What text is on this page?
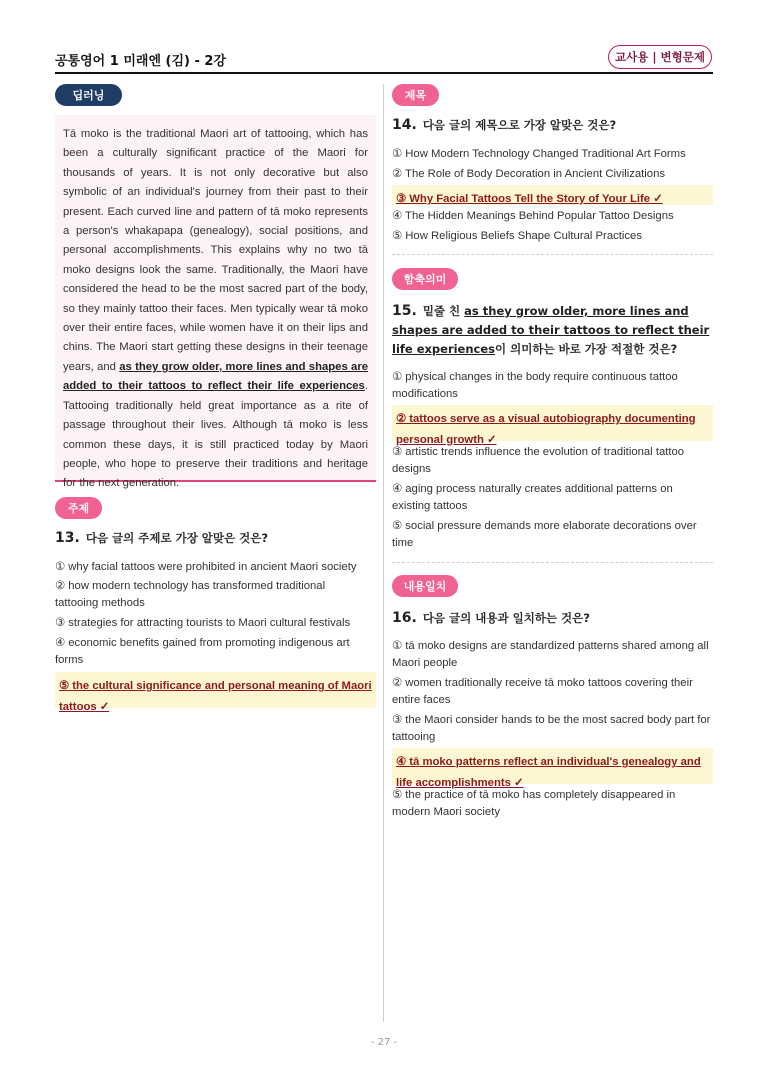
공통영어 1 미래엔 (김) - 2강	교사용 | 변형문제
딥러닝

Tā moko is the traditional Maori art of tattooing, which has been a culturally significant practice of the Maori for thousands of years. It is not only decorative but also symbolic of an individual's journey from their past to their present. Each curved line and pattern of tā moko represents a person's whakapapa (genealogy), social positions, and personal accomplishments. This explains why no two tā moko designs look the same. Traditionally, the Maori have considered the head to be the most sacred part of the body, so they mainly tattoo their faces. Men typically wear tā moko over their entire faces, while women have it on their lips and chins. The Maori start getting these designs in their teenage years, and as they grow older, more lines and shapes are added to their tattoos to reflect their life experiences. Tattooing traditionally held great importance as a rite of passage throughout their lives. Although tā moko is less common these days, it is still practiced today by Maori people, who hope to preserve their traditions and heritage for the next generation.

주제
13. 다음 글의 주제로 가장 알맞은 것은?
① why facial tattoos were prohibited in ancient Maori society
② how modern technology has transformed traditional tattooing methods
③ strategies for attracting tourists to Maori cultural festivals
④ economic benefits gained from promoting indigenous art forms
⑤ the cultural significance and personal meaning of Maori tattoos ✓
제목
14. 다음 글의 제목으로 가장 알맞은 것은?
① How Modern Technology Changed Traditional Art Forms
② The Role of Body Decoration in Ancient Civilizations
③ Why Facial Tattoos Tell the Story of Your Life ✓
④ The Hidden Meanings Behind Popular Tattoo Designs
⑤ How Religious Beliefs Shape Cultural Practices
함축의미
15. 밑줄 친 as they grow older, more lines and shapes are added to their tattoos to reflect their life experiences이 의미하는 바로 가장 적절한 것은?
① physical changes in the body require continuous tattoo modifications
② tattoos serve as a visual autobiography documenting personal growth ✓
③ artistic trends influence the evolution of traditional tattoo designs
④ aging process naturally creates additional patterns on existing tattoos
⑤ social pressure demands more elaborate decorations over time
내용일치
16. 다음 글의 내용과 일치하는 것은?
① tā moko designs are standardized patterns shared among all Maori people
② women traditionally receive tā moko tattoos covering their entire faces
③ the Maori consider hands to be the most sacred body part for tattooing
④ tā moko patterns reflect an individual's genealogy and life accomplishments ✓
⑤ the practice of tā moko has completely disappeared in modern Maori society
- 27 -
